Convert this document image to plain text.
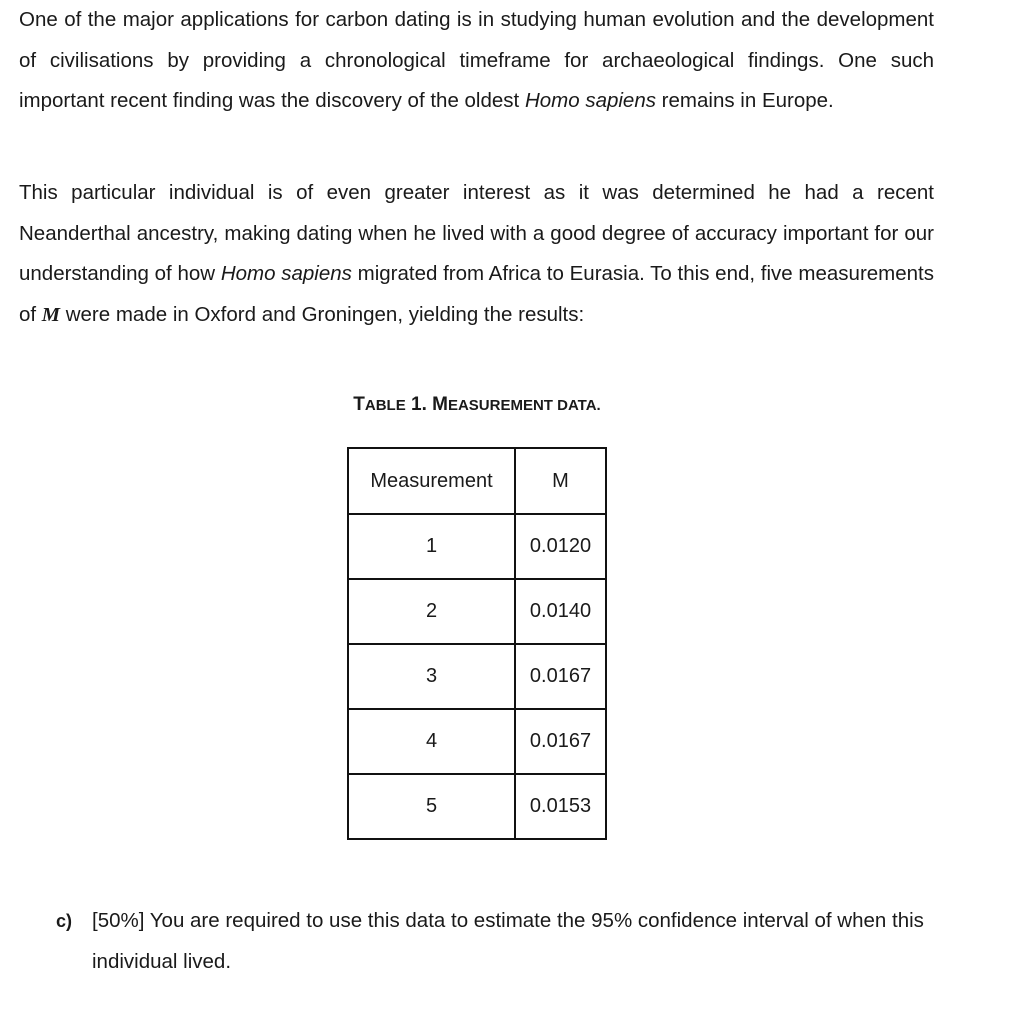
One of the major applications for carbon dating is in studying human evolution and the development of civilisations by providing a chronological timeframe for archaeological findings. One such important recent finding was the discovery of the oldest Homo sapiens remains in Europe.

This particular individual is of even greater interest as it was determined he had a recent Neanderthal ancestry, making dating when he lived with a good degree of accuracy important for our understanding of how Homo sapiens migrated from Africa to Eurasia. To this end, five measurements of M were made in Oxford and Groningen, yielding the results:

TABLE 1. MEASUREMENT DATA.
Measurement	M
1	0.0120
2	0.0140
3	0.0167
4	0.0167
5	0.0153
c) [50%] You are required to use this data to estimate the 95% confidence interval of when this individual lived.
